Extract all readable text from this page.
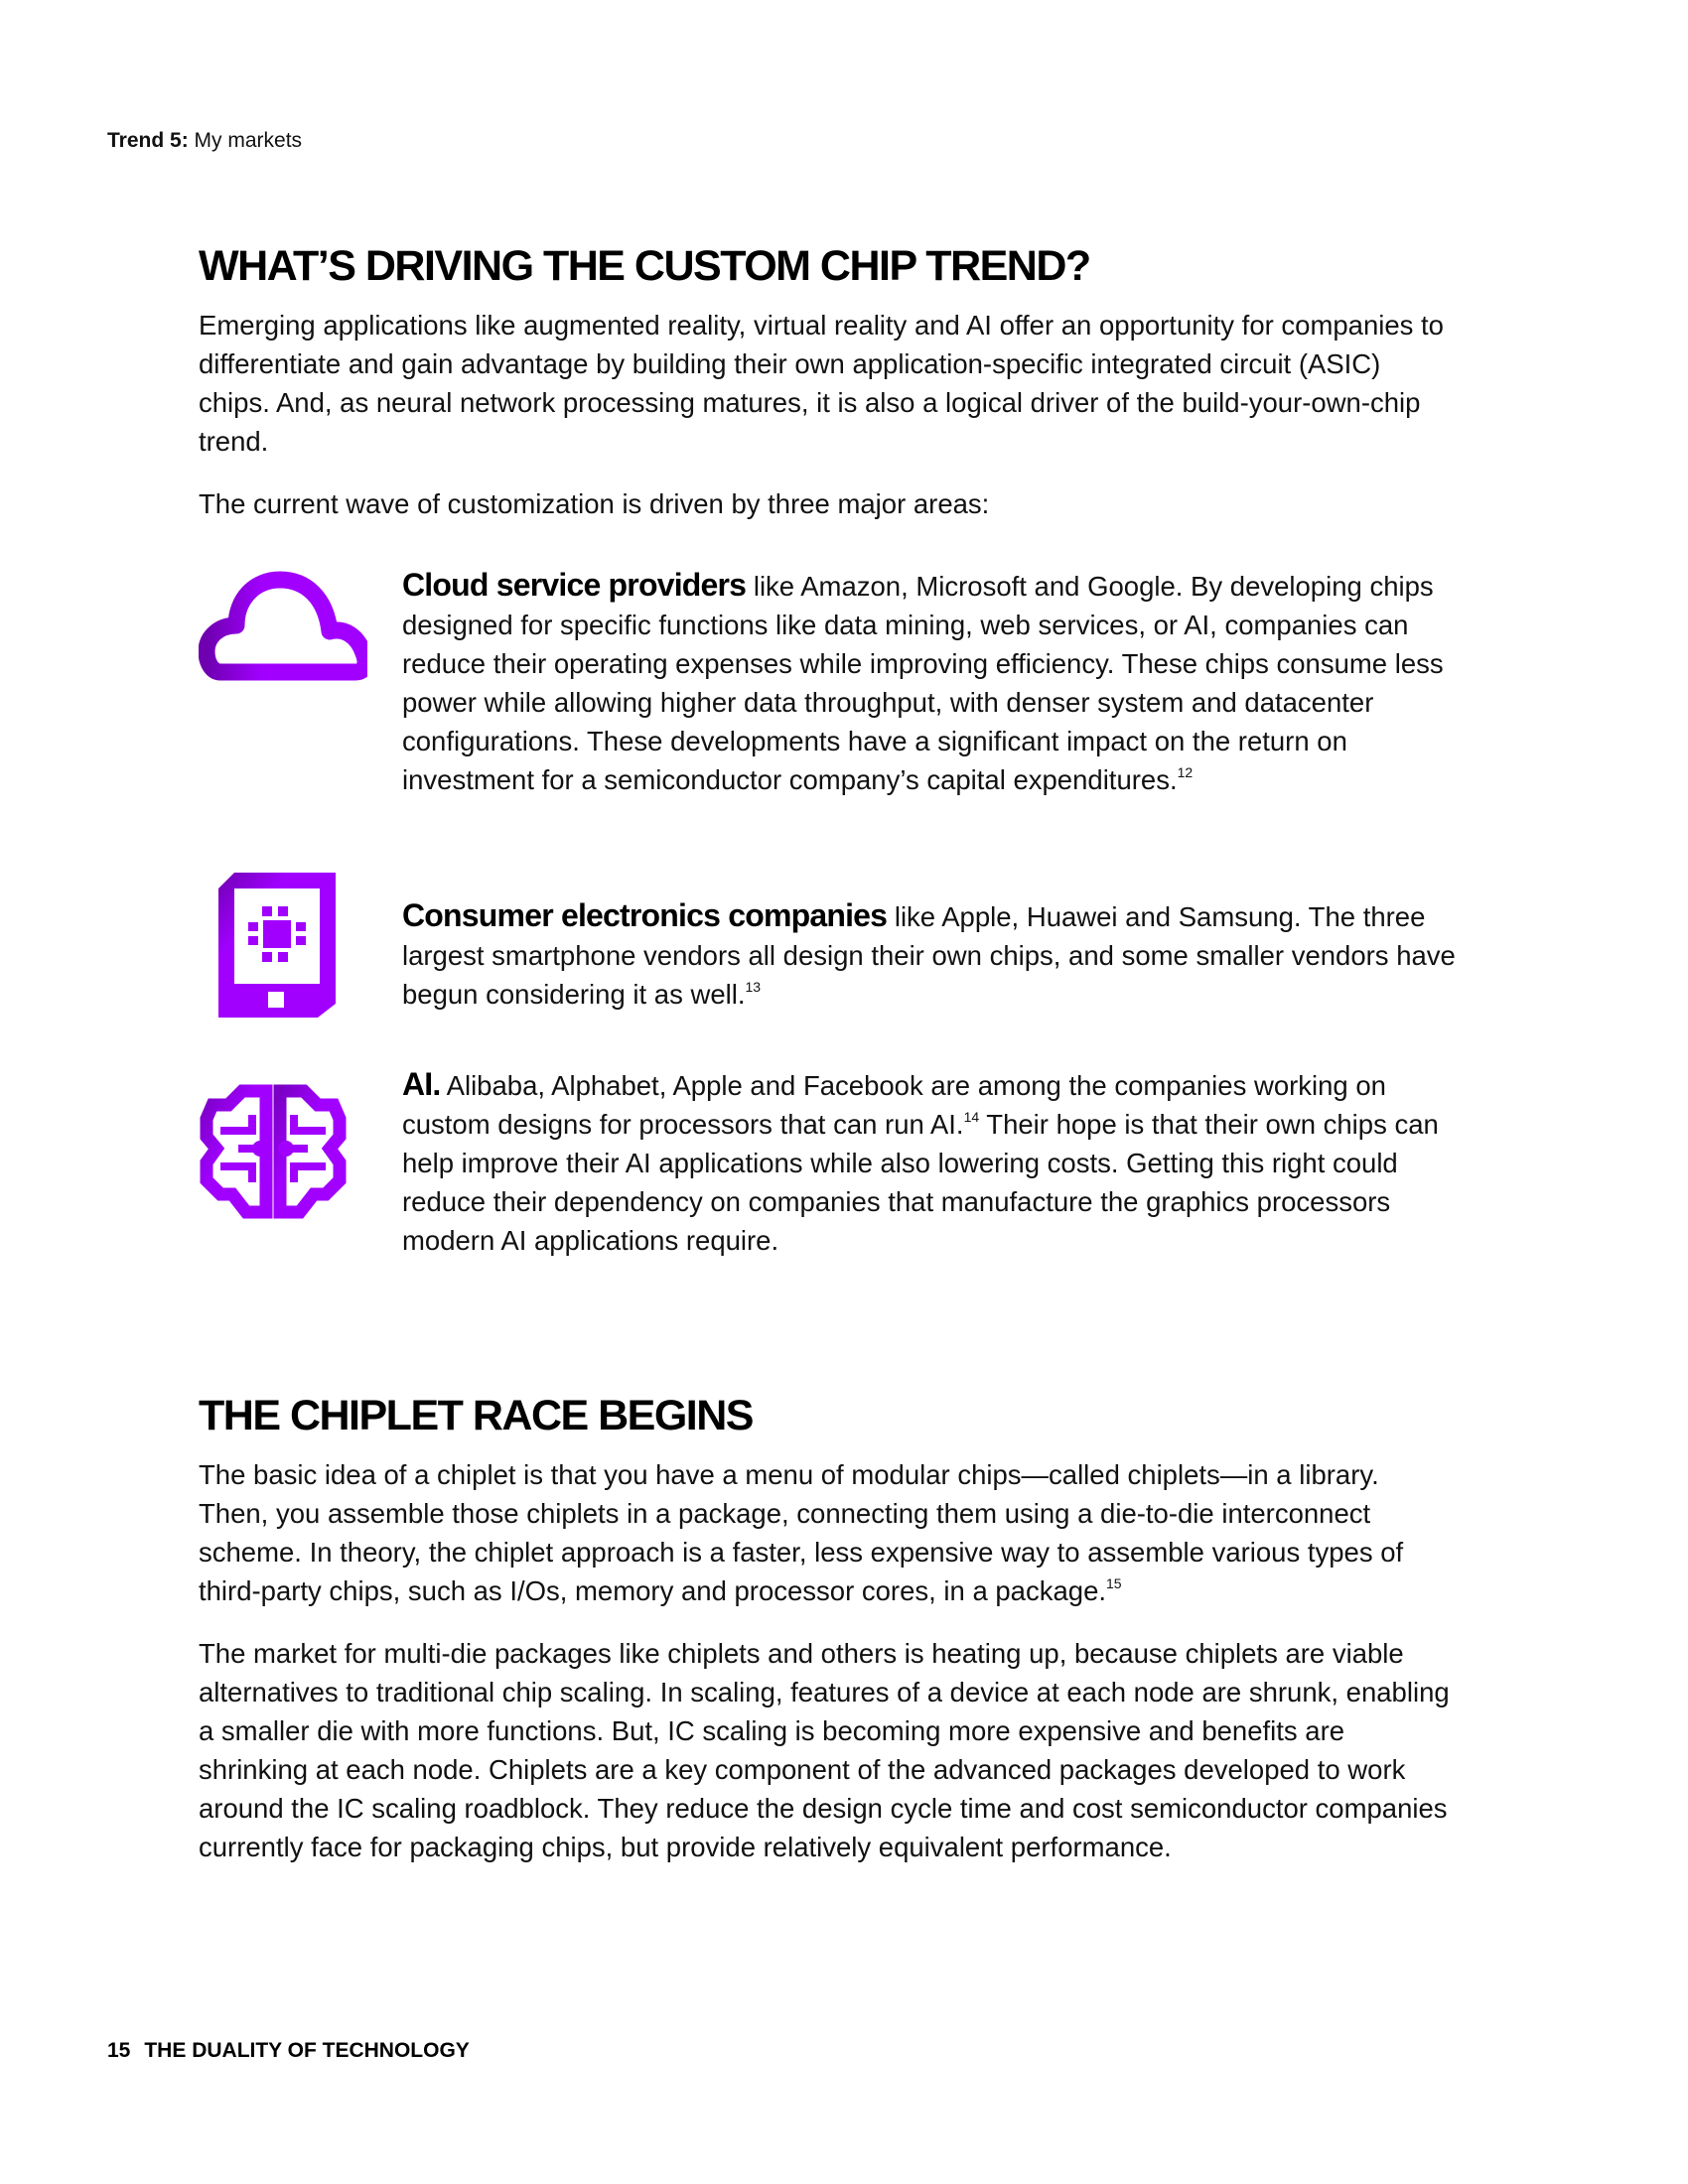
Trend 5: My markets
WHAT’S DRIVING THE CUSTOM CHIP TREND?

Emerging applications like augmented reality, virtual reality and AI offer an opportunity for companies to differentiate and gain advantage by building their own application-specific integrated circuit (ASIC) chips. And, as neural network processing matures, it is also a logical driver of the build-your-own-chip trend.

The current wave of customization is driven by three major areas:

Cloud service providers like Amazon, Microsoft and Google. By developing chips designed for specific functions like data mining, web services, or AI, companies can reduce their operating expenses while improving efficiency. These chips consume less power while allowing higher data throughput, with denser system and datacenter configurations. These developments have a significant impact on the return on investment for a semiconductor company’s capital expenditures.$^{12}$

Consumer electronics companies like Apple, Huawei and Samsung. The three largest smartphone vendors all design their own chips, and some smaller vendors have begun considering it as well.$^{13}$

AI. Alibaba, Alphabet, Apple and Facebook are among the companies working on custom designs for processors that can run AI.$^{14}$ Their hope is that their own chips can help improve their AI applications while also lowering costs. Getting this right could reduce their dependency on companies that manufacture the graphics processors modern AI applications require.

THE CHIPLET RACE BEGINS

The basic idea of a chiplet is that you have a menu of modular chips—called chiplets—in a library. Then, you assemble those chiplets in a package, connecting them using a die-to-die interconnect scheme. In theory, the chiplet approach is a faster, less expensive way to assemble various types of third-party chips, such as I/Os, memory and processor cores, in a package.$^{15}$

The market for multi-die packages like chiplets and others is heating up, because chiplets are viable alternatives to traditional chip scaling. In scaling, features of a device at each node are shrunk, enabling a smaller die with more functions. But, IC scaling is becoming more expensive and benefits are shrinking at each node. Chiplets are a key component of the advanced packages developed to work around the IC scaling roadblock. They reduce the design cycle time and cost semiconductor companies currently face for packaging chips, but provide relatively equivalent performance.

15 THE DUALITY OF TECHNOLOGY
